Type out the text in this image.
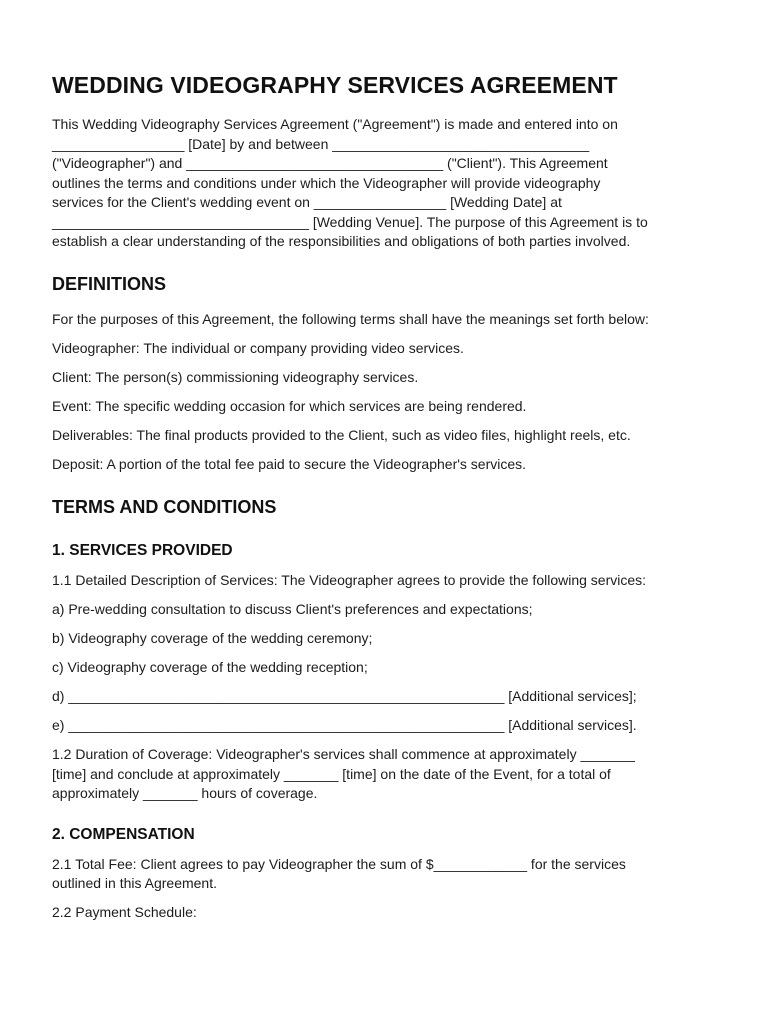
WEDDING VIDEOGRAPHY SERVICES AGREEMENT
This Wedding Videography Services Agreement ("Agreement") is made and entered into on
_________________ [Date] by and between _________________________________
("Videographer") and _________________________________ ("Client"). This Agreement
outlines the terms and conditions under which the Videographer will provide videography
services for the Client's wedding event on _________________ [Wedding Date] at
_________________________________ [Wedding Venue]. The purpose of this Agreement is to
establish a clear understanding of the responsibilities and obligations of both parties involved.
DEFINITIONS
For the purposes of this Agreement, the following terms shall have the meanings set forth below:
Videographer: The individual or company providing video services.
Client: The person(s) commissioning videography services.
Event: The specific wedding occasion for which services are being rendered.
Deliverables: The final products provided to the Client, such as video files, highlight reels, etc.
Deposit: A portion of the total fee paid to secure the Videographer's services.
TERMS AND CONDITIONS
1. SERVICES PROVIDED
1.1 Detailed Description of Services: The Videographer agrees to provide the following services:
a) Pre-wedding consultation to discuss Client's preferences and expectations;
b) Videography coverage of the wedding ceremony;
c) Videography coverage of the wedding reception;
d) ________________________________________________________ [Additional services];
e) ________________________________________________________ [Additional services].
1.2 Duration of Coverage: Videographer's services shall commence at approximately _______
[time] and conclude at approximately _______ [time] on the date of the Event, for a total of
approximately _______ hours of coverage.
2. COMPENSATION
2.1 Total Fee: Client agrees to pay Videographer the sum of $____________ for the services
outlined in this Agreement.
2.2 Payment Schedule:
